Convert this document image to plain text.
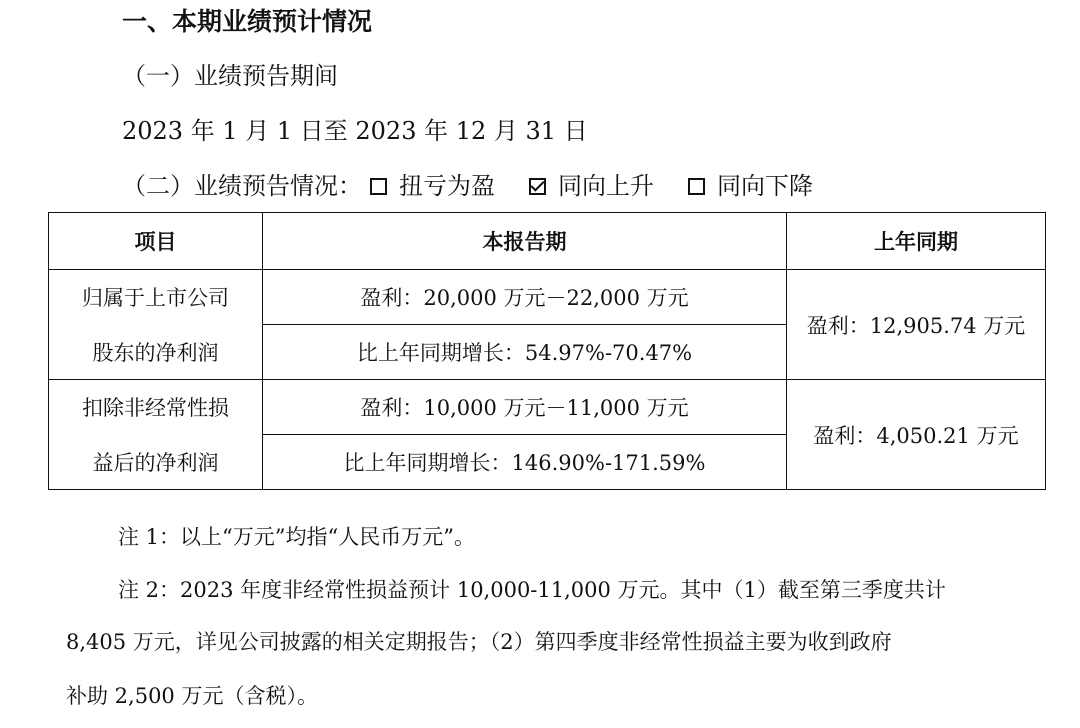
一、本期业绩预计情况
（一）业绩预告期间
2023 年 1 月 1 日至 2023 年 12 月 31 日
（二）业绩预告情况： 扭亏为盈	同向上升	同向下降
项目	本报告期	上年同期
归属于上市公司	盈利：20,000 万元－22,000 万元	盈利：12,905.74 万元
股东的净利润	比上年同期增长：54.97%-70.47%	
扣除非经常性损	盈利：10,000 万元－11,000 万元	盈利：4,050.21 万元
益后的净利润	比上年同期增长：146.90%-171.59%	
注 1：以上“万元”均指“人民币万元”。
注 2：2023 年度非经常性损益预计 10,000-11,000 万元。其中（1）截至第三季度共计
8,405 万元，详见公司披露的相关定期报告；（2）第四季度非经常性损益主要为收到政府
补助 2,500 万元（含税）。
